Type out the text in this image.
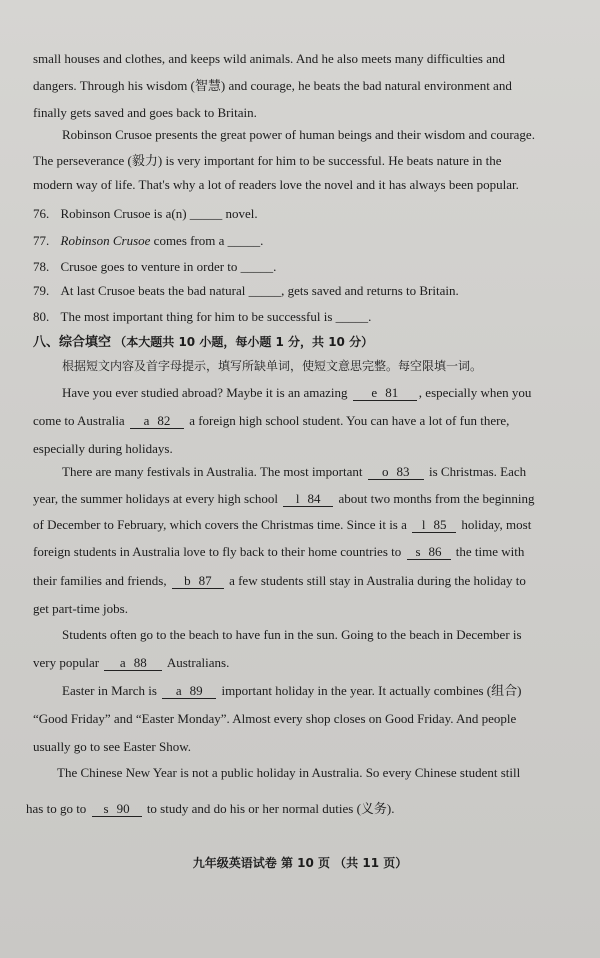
small houses and clothes, and keeps wild animals. And he also meets many difficulties and
dangers. Through his wisdom (智慧) and courage, he beats the bad natural environment and
finally gets saved and goes back to Britain.
Robinson Crusoe presents the great power of human beings and their wisdom and courage.
The perseverance (毅力) is very important for him to be successful. He beats nature in the
modern way of life. That's why a lot of readers love the novel and it has always been popular.
76. Robinson Crusoe is a(n) _____ novel.
77. Robinson Crusoe comes from a _____.
78. Crusoe goes to venture in order to _____.
79. At last Crusoe beats the bad natural _____, gets saved and returns to Britain.
80. The most important thing for him to be successful is _____.
八、综合填空 （本大题共 10 小题，每小题 1 分，共 10 分）
根据短文内容及首字母提示，填写所缺单词，使短文意思完整。每空限填一词。
Have you ever studied abroad? Maybe it is an amazing e 81 , especially when you
come to Australia a 82 a foreign high school student. You can have a lot of fun there,
especially during holidays.
There are many festivals in Australia. The most important o 83 is Christmas. Each
year, the summer holidays at every high school l 84 about two months from the beginning
of December to February, which covers the Christmas time. Since it is a l 85 holiday, most
foreign students in Australia love to fly back to their home countries to s 86 the time with
their families and friends, b 87 a few students still stay in Australia during the holiday to
get part-time jobs.
Students often go to the beach to have fun in the sun. Going to the beach in December is
very popular a 88 Australians.
Easter in March is a 89 important holiday in the year. It actually combines (组合)
“Good Friday” and “Easter Monday”. Almost every shop closes on Good Friday. And people
usually go to see Easter Show.
The Chinese New Year is not a public holiday in Australia. So every Chinese student still
has to go to s 90 to study and do his or her normal duties (义务).
九年级英语试卷 第 10 页 （共 11 页）
